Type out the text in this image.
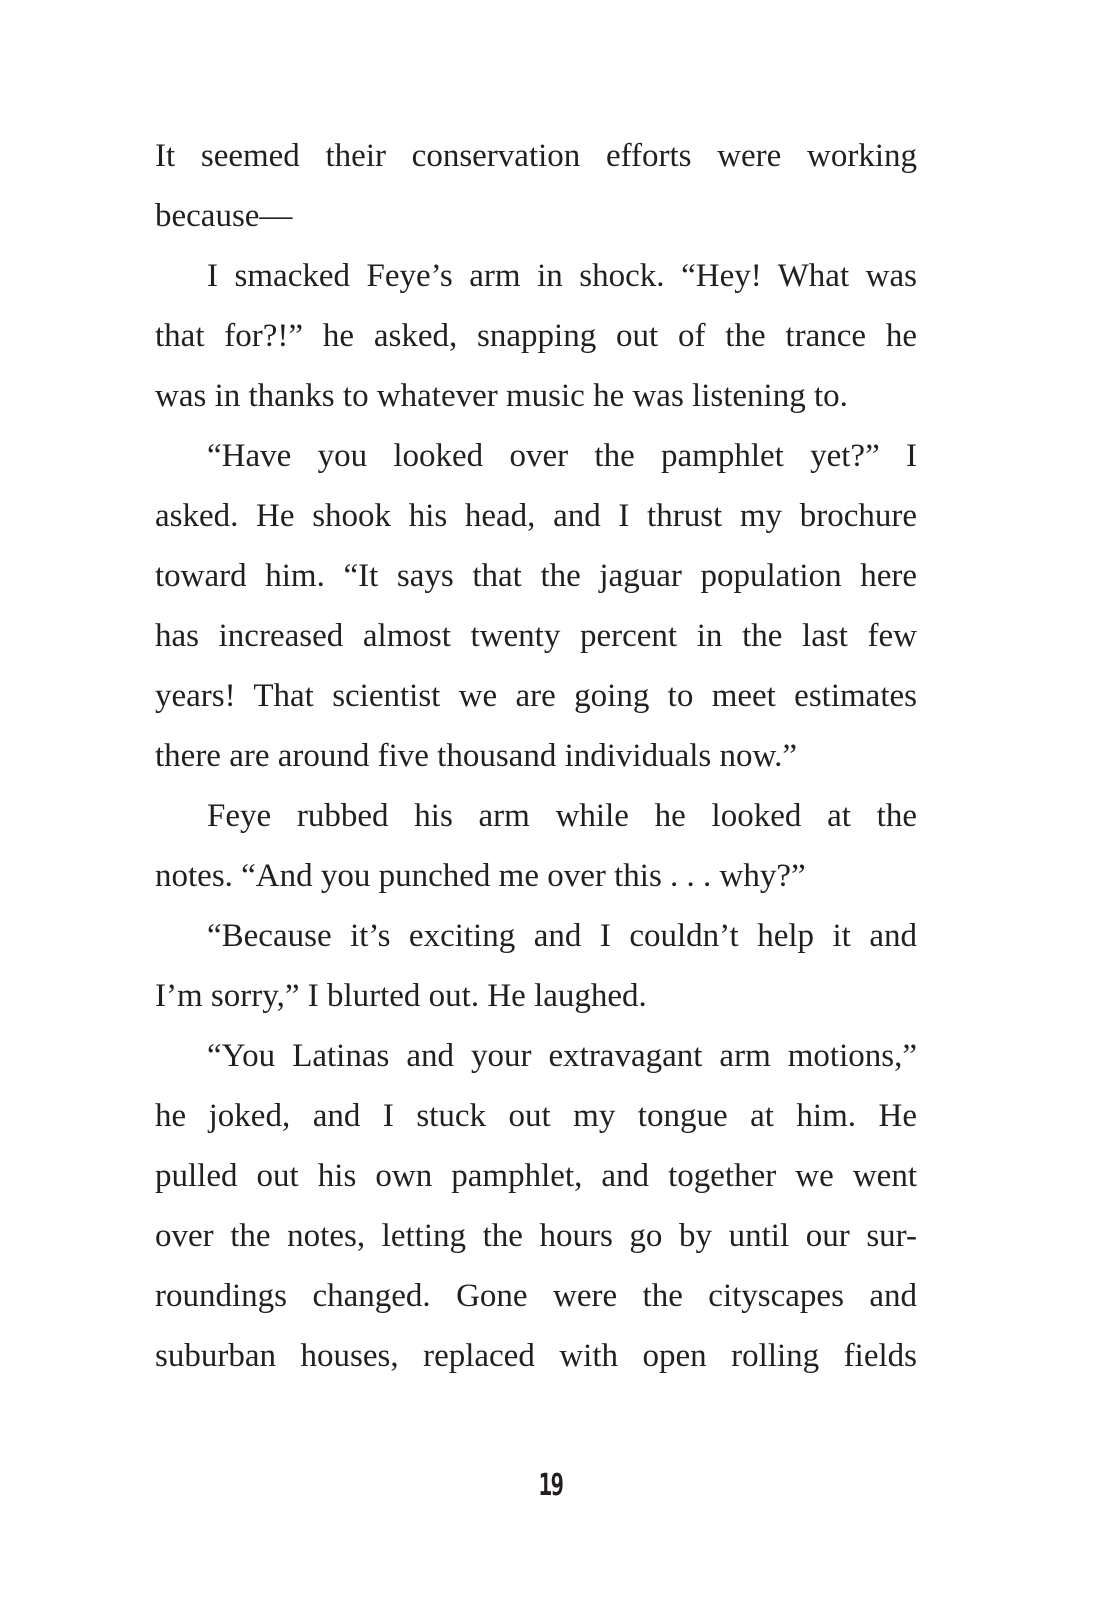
It seemed their conservation efforts were working
because—
I smacked Feye’s arm in shock. “Hey! What was
that for?!” he asked, snapping out of the trance he
was in thanks to whatever music he was listening to.
“Have you looked over the pamphlet yet?” I
asked. He shook his head, and I thrust my brochure
toward him. “It says that the jaguar population here
has increased almost twenty percent in the last few
years! That scientist we are going to meet estimates
there are around five thousand individuals now.”
Feye rubbed his arm while he looked at the
notes. “And you punched me over this . . . why?”
“Because it’s exciting and I couldn’t help it and
I’m sorry,” I blurted out. He laughed.
“You Latinas and your extravagant arm motions,”
he joked, and I stuck out my tongue at him. He
pulled out his own pamphlet, and together we went
over the notes, letting the hours go by until our sur-
roundings changed. Gone were the cityscapes and
suburban houses, replaced with open rolling fields
19
